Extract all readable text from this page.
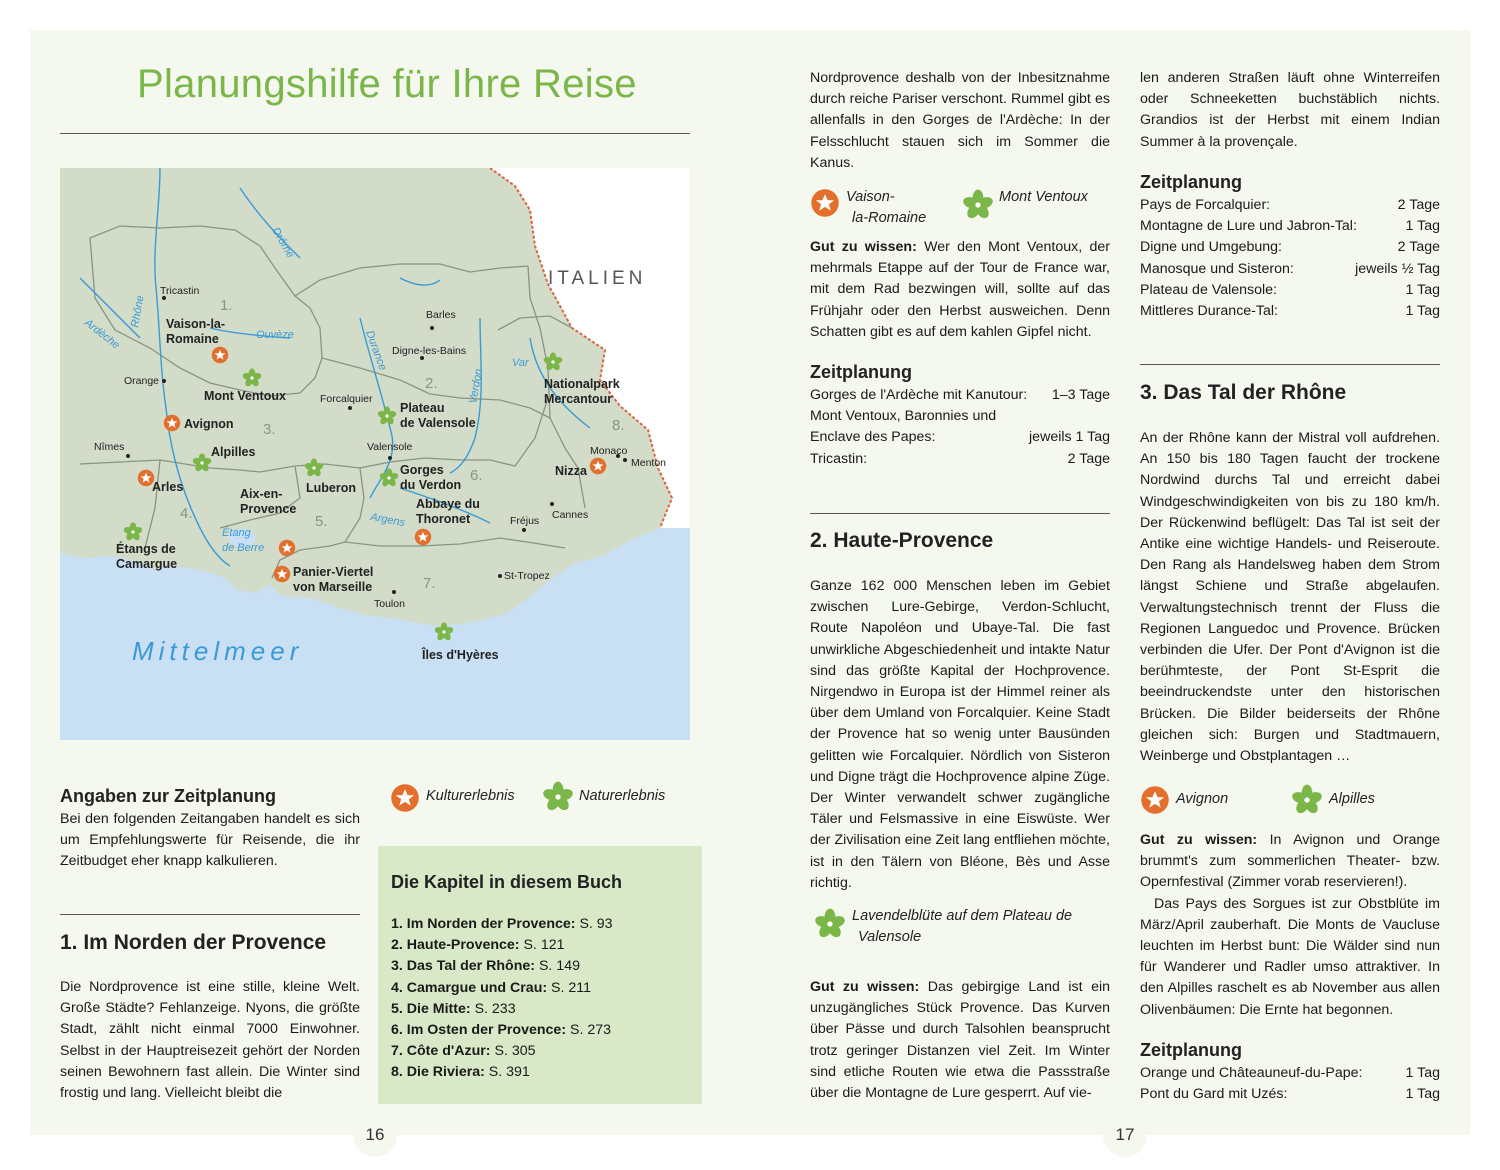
Planungshilfe für Ihre Reise
Mittelmeer
ITALIEN
1.
2.
3.
4.	5.
6.
7.
8.
Drôme
Rhône
Ardèche	Ouvèze	Durance
Verdon
Var
Argens
Étang de Berre
Tricastin
Orange
Nîmes
Barles
Digne-les-Bains
Forcalquier
Valensole
Fréjus Cannes
Monaco
Menton
St-Tropez
Toulon
Vaison-la-Romaine
Avignon
Arles	Aix-en-Provence	Abbaye du Thoronet
Panier-Viertel von Marseille
Nizza
Mont Ventoux
Alpilles
Luberon
Plateau de Valensole
Gorges du Verdon
Nationalpark Mercantour
Étangs de Camargue
Îles d'Hyères
Angaben zur Zeitplanung
Bei den folgenden Zeitangaben handelt es sich um Empfehlungswerte für Reisende, die ihr Zeitbudget eher knapp kalkulieren.
Kulturerlebnis	Naturerlebnis
Die Kapitel in diesem Buch
1. Im Norden der Provence: S. 93
2. Haute-Provence: S. 121
3. Das Tal der Rhône: S. 149
4. Camargue und Crau: S. 211
5. Die Mitte: S. 233
6. Im Osten der Provence: S. 273
7. Côte d'Azur: S. 305
8. Die Riviera: S. 391
1. Im Norden der Provence
Die Nordprovence ist eine stille, kleine Welt. Große Städte? Fehlanzeige. Nyons, die größte Stadt, zählt nicht einmal 7000 Einwohner. Selbst in der Hauptreisezeit gehört der Norden seinen Bewohnern fast allein. Die Winter sind frostig und lang. Vielleicht bleibt die
16
Nordprovence deshalb von der Inbesitznahme durch reiche Pariser verschont. Rummel gibt es allenfalls in den Gorges de l'Ardèche: In der Felsschlucht stauen sich im Sommer die Kanus.
Vaison-
la-Romaine
Mont Ventoux
Gut zu wissen: Wer den Mont Ventoux, der mehrmals Etappe auf der Tour de France war, mit dem Rad bezwingen will, sollte auf das Frühjahr oder den Herbst ausweichen. Denn Schatten gibt es auf dem kahlen Gipfel nicht.
Zeitplanung
Gorges de l'Ardèche mit Kanutour: 1–3 Tage
Mont Ventoux, Baronnies und
Enclave des Papes:	jeweils 1 Tag
Tricastin:	2 Tage
2. Haute-Provence
Ganze 162 000 Menschen leben im Gebiet zwischen Lure-Gebirge, Verdon-Schlucht, Route Napoléon und Ubaye-Tal. Die fast unwirkliche Abgeschiedenheit und intakte Natur sind das größte Kapital der Hochprovence. Nirgendwo in Europa ist der Himmel reiner als über dem Umland von Forcalquier. Keine Stadt der Provence hat so wenig unter Bausünden gelitten wie Forcalquier. Nördlich von Sisteron und Digne trägt die Hochprovence alpine Züge. Der Winter verwandelt schwer zugängliche Täler und Felsmassive in eine Eiswüste. Wer der Zivilisation eine Zeit lang entfliehen möchte, ist in den Tälern von Bléone, Bès und Asse richtig.
Lavendelblüte auf dem Plateau de
Valensole
Gut zu wissen: Das gebirgige Land ist ein unzugängliches Stück Provence. Das Kurven über Pässe und durch Talsohlen beansprucht trotz geringer Distanzen viel Zeit. Im Winter sind etliche Routen wie etwa die Passstraße über die Montagne de Lure gesperrt. Auf vie-
len anderen Straßen läuft ohne Winterreifen oder Schneeketten buchstäblich nichts. Grandios ist der Herbst mit einem Indian Summer à la provençale.
Zeitplanung
Pays de Forcalquier:	2 Tage
Montagne de Lure und Jabron-Tal:	1 Tag
Digne und Umgebung:	2 Tage
Manosque und Sisteron:	jeweils ½ Tag
Plateau de Valensole:	1 Tag
Mittleres Durance-Tal:	1 Tag
3. Das Tal der Rhône
An der Rhône kann der Mistral voll aufdrehen. An 150 bis 180 Tagen faucht der trockene Nordwind durchs Tal und erreicht dabei Windgeschwindigkeiten von bis zu 180 km/h. Der Rückenwind beflügelt: Das Tal ist seit der Antike eine wichtige Handels- und Reiseroute. Den Rang als Handelsweg haben dem Strom längst Schiene und Straße abgelaufen. Verwaltungstechnisch trennt der Fluss die Regionen Languedoc und Provence. Brücken verbinden die Ufer. Der Pont d'Avignon ist die berühmteste, der Pont St-Esprit die beeindruckendste unter den historischen Brücken. Die Bilder beiderseits der Rhône gleichen sich: Burgen und Stadtmauern, Weinberge und Obstplantagen …
Avignon	Alpilles
Gut zu wissen: In Avignon und Orange brummt's zum sommerlichen Theater- bzw. Opernfestival (Zimmer vorab reservieren!).
Das Pays des Sorgues ist zur Obstblüte im März/April zauberhaft. Die Monts de Vaucluse leuchten im Herbst bunt: Die Wälder sind nun für Wanderer und Radler umso attraktiver. In den Alpilles raschelt es ab November aus allen Olivenbäumen: Die Ernte hat begonnen.
Zeitplanung
Orange und Châteauneuf-du-Pape:	1 Tag
Pont du Gard mit Uzés:	1 Tag
17
